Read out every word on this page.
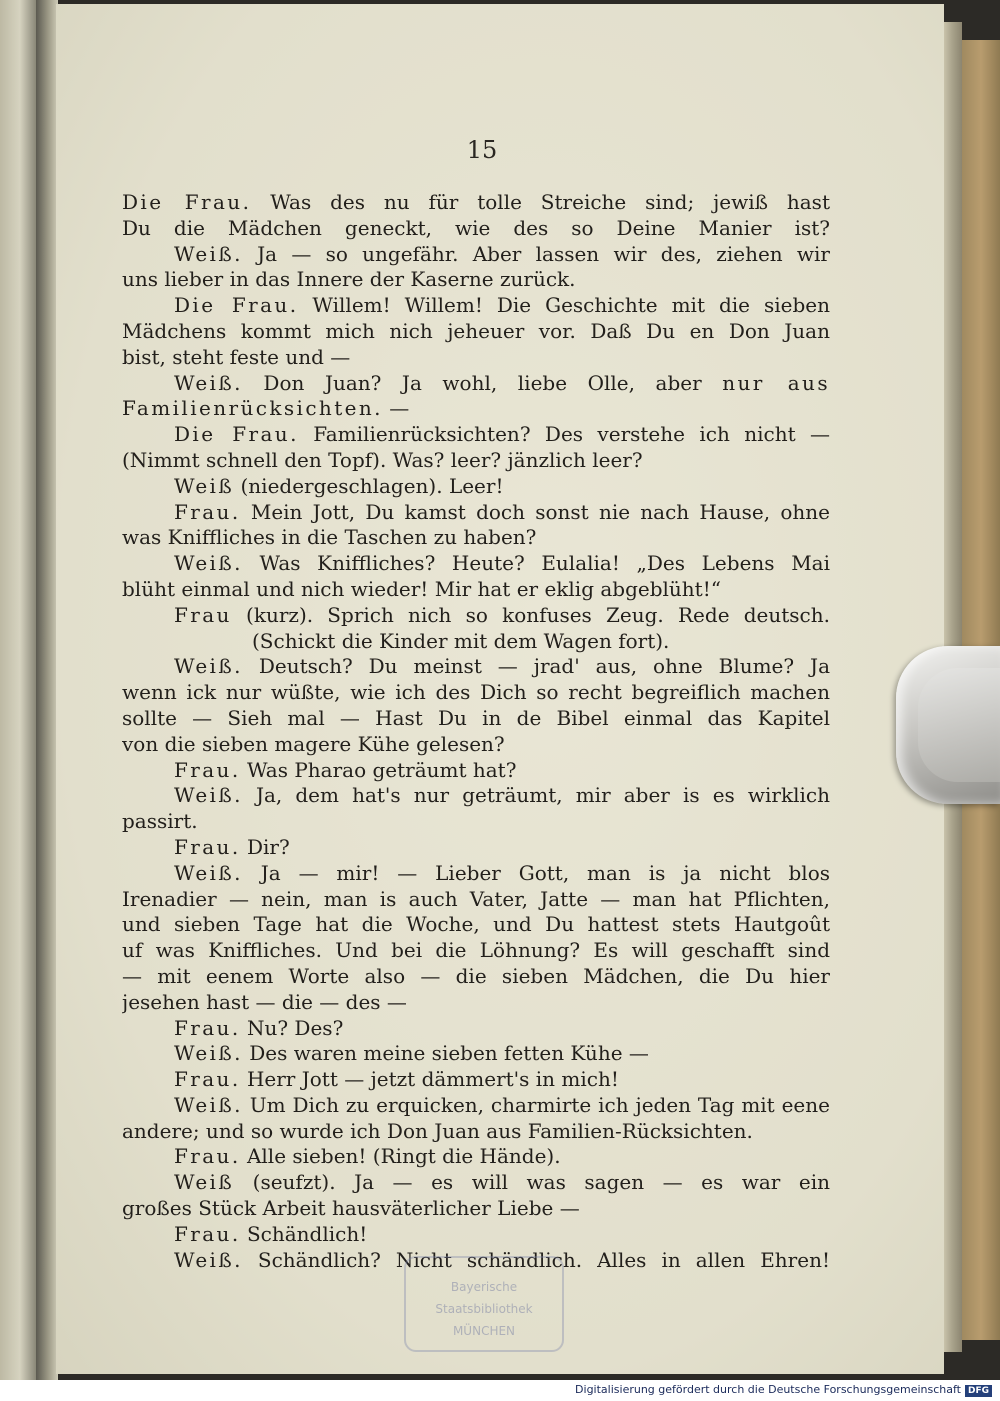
15
Die Frau. Was des nu für tolle Streiche sind; jewiß hast
Du die Mädchen geneckt, wie des so Deine Manier ist?
Weiß. Ja — so ungefähr. Aber lassen wir des, ziehen wir
uns lieber in das Innere der Kaserne zurück.
Die Frau. Willem! Willem! Die Geschichte mit die sieben
Mädchens kommt mich nich jeheuer vor. Daß Du en Don Juan
bist, steht feste und —
Weiß. Don Juan? Ja wohl, liebe Olle, aber nur aus
Familienrücksichten. —
Die Frau. Familienrücksichten? Des verstehe ich nicht —
(Nimmt schnell den Topf). Was? leer? jänzlich leer?
Weiß (niedergeschlagen). Leer!
Frau. Mein Jott, Du kamst doch sonst nie nach Hause, ohne
was Kniffliches in die Taschen zu haben?
Weiß. Was Kniffliches? Heute? Eulalia! „Des Lebens Mai
blüht einmal und nich wieder! Mir hat er eklig abgeblüht!“
Frau (kurz). Sprich nich so konfuses Zeug. Rede deutsch.
(Schickt die Kinder mit dem Wagen fort).
Weiß. Deutsch? Du meinst — jrad' aus, ohne Blume? Ja
wenn ick nur wüßte, wie ich des Dich so recht begreiflich machen
sollte — Sieh mal — Hast Du in de Bibel einmal das Kapitel
von die sieben magere Kühe gelesen?
Frau. Was Pharao geträumt hat?
Weiß. Ja, dem hat's nur geträumt, mir aber is es wirklich
passirt.
Frau. Dir?
Weiß. Ja — mir! — Lieber Gott, man is ja nicht blos
Irenadier — nein, man is auch Vater, Jatte — man hat Pflichten,
und sieben Tage hat die Woche, und Du hattest stets Hautgoût
uf was Kniffliches. Und bei die Löhnung? Es will geschafft sind
— mit eenem Worte also — die sieben Mädchen, die Du hier
jesehen hast — die — des —
Frau. Nu? Des?
Weiß. Des waren meine sieben fetten Kühe —
Frau. Herr Jott — jetzt dämmert's in mich!
Weiß. Um Dich zu erquicken, charmirte ich jeden Tag mit eene
andere; und so wurde ich Don Juan aus Familien-Rücksichten.
Frau. Alle sieben! (Ringt die Hände).
Weiß (seufzt). Ja — es will was sagen — es war ein
großes Stück Arbeit hausväterlicher Liebe —
Frau. Schändlich!
Weiß. Schändlich? Nicht schändlich. Alles in allen Ehren!
Bayerische
Staatsbibliothek
MÜNCHEN
Digitalisierung gefördert durch die Deutsche Forschungsgemeinschaft DFG
